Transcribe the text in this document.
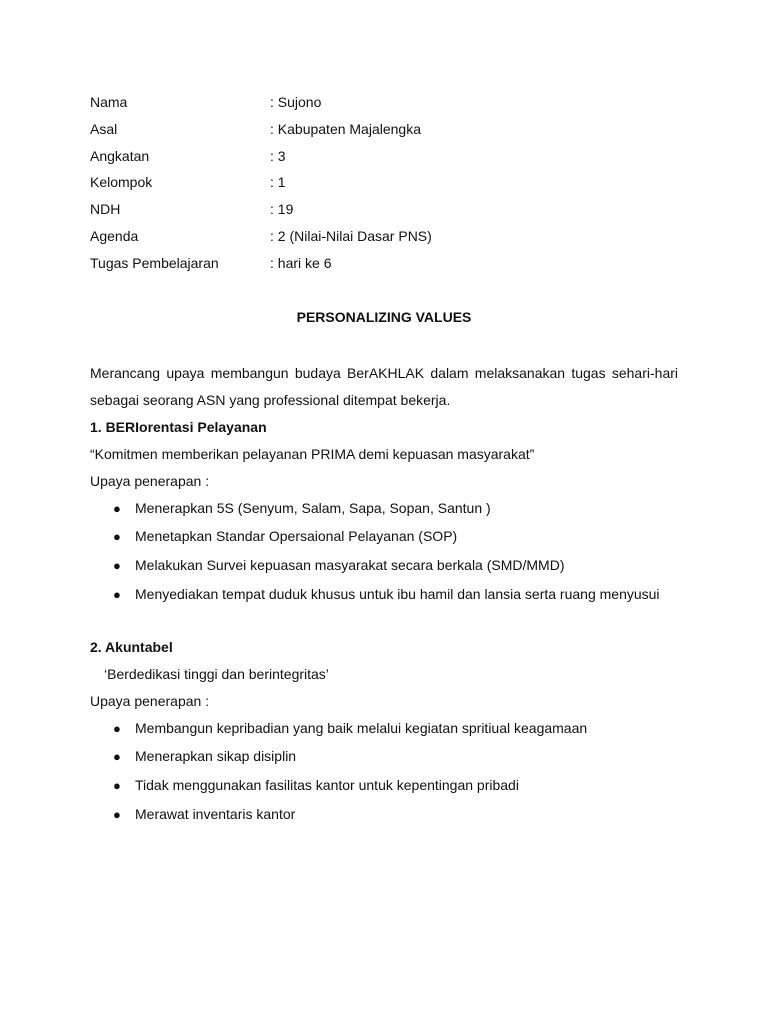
Nama	: Sujono
Asal	: Kabupaten Majalengka
Angkatan	: 3
Kelompok	: 1
NDH	: 19
Agenda	: 2 (Nilai-Nilai Dasar PNS)
Tugas Pembelajaran	: hari ke 6
PERSONALIZING VALUES
Merancang upaya membangun budaya BerAKHLAK dalam melaksanakan tugas sehari-hari sebagai seorang ASN yang professional ditempat bekerja.
1. BERIorentasi Pelayanan
“Komitmen memberikan pelayanan PRIMA demi kepuasan masyarakat”
Upaya penerapan :
●	Menerapkan 5S (Senyum, Salam, Sapa, Sopan, Santun )
●	Menetapkan Standar Opersaional Pelayanan (SOP)
●	Melakukan Survei kepuasan masyarakat secara berkala (SMD/MMD)
●	Menyediakan tempat duduk khusus untuk ibu hamil dan lansia serta ruang menyusui
2. Akuntabel
‘Berdedikasi tinggi dan berintegritas’
Upaya penerapan :
●	Membangun kepribadian yang baik melalui kegiatan spritiual keagamaan
●	Menerapkan sikap disiplin
●	Tidak menggunakan fasilitas kantor untuk kepentingan pribadi
●	Merawat inventaris kantor
